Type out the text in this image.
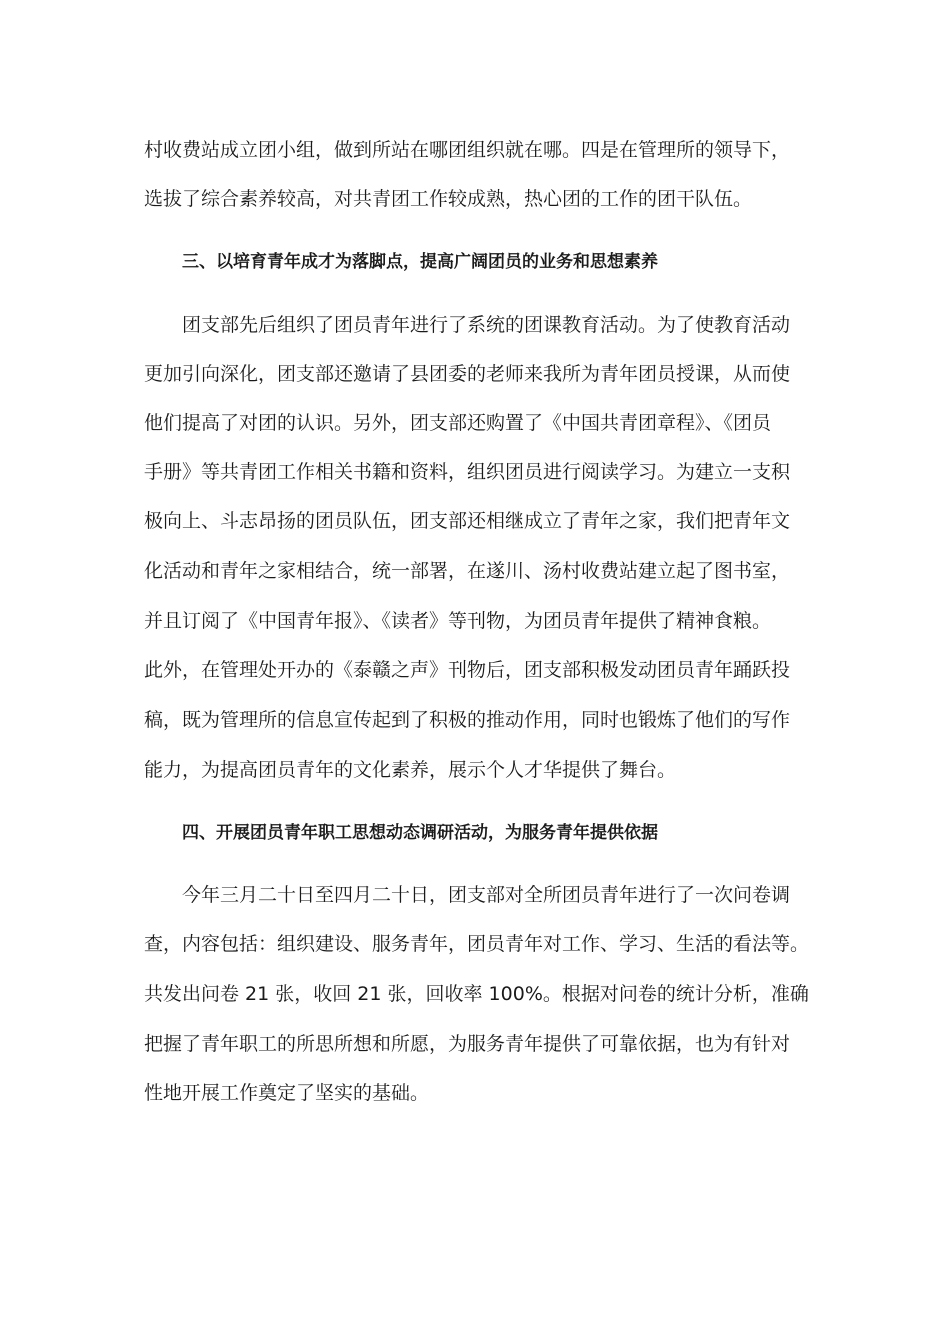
村收费站成立团小组，做到所站在哪团组织就在哪。四是在管理所的领导下，
选拔了综合素养较高，对共青团工作较成熟，热心团的工作的团干队伍。
三、以培育青年成才为落脚点，提高广阔团员的业务和思想素养
团支部先后组织了团员青年进行了系统的团课教育活动。为了使教育活动
更加引向深化，团支部还邀请了县团委的老师来我所为青年团员授课，从而使
他们提高了对团的认识。另外，团支部还购置了《中国共青团章程》、《团员
手册》等共青团工作相关书籍和资料，组织团员进行阅读学习。为建立一支积
极向上、斗志昂扬的团员队伍，团支部还相继成立了青年之家，我们把青年文
化活动和青年之家相结合，统一部署，在遂川、汤村收费站建立起了图书室，
并且订阅了《中国青年报》、《读者》等刊物，为团员青年提供了精神食粮。
此外，在管理处开办的《泰赣之声》刊物后，团支部积极发动团员青年踊跃投
稿，既为管理所的信息宣传起到了积极的推动作用，同时也锻炼了他们的写作
能力，为提高团员青年的文化素养，展示个人才华提供了舞台。
四、开展团员青年职工思想动态调研活动，为服务青年提供依据
今年三月二十日至四月二十日，团支部对全所团员青年进行了一次问卷调
查，内容包括：组织建设、服务青年，团员青年对工作、学习、生活的看法等。
共发出问卷 21 张，收回 21 张，回收率 100%。根据对问卷的统计分析，准确
把握了青年职工的所思所想和所愿，为服务青年提供了可靠依据，也为有针对
性地开展工作奠定了坚实的基础。
